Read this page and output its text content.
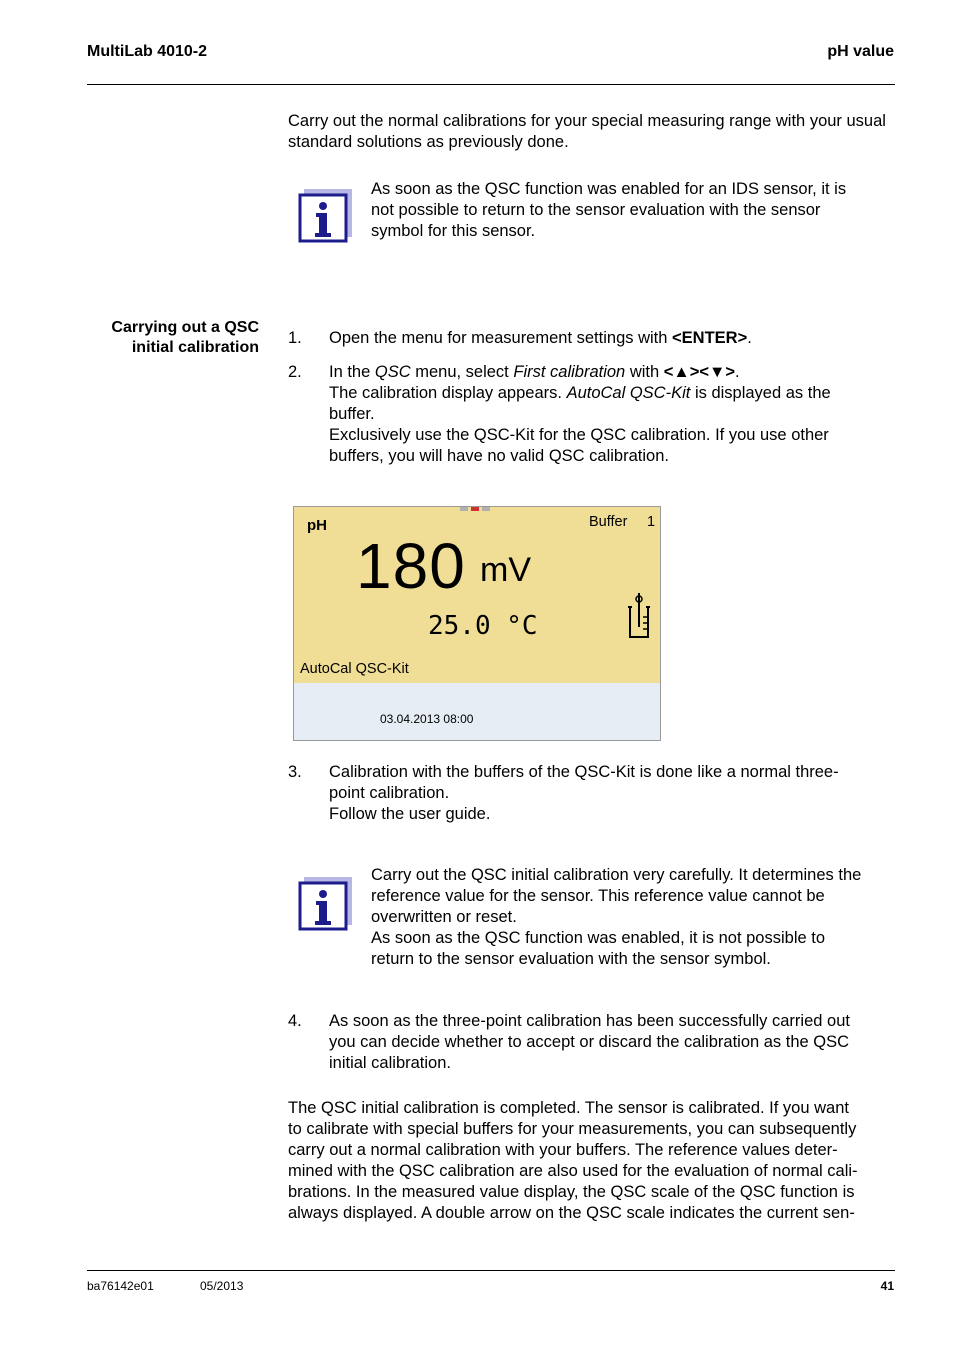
MultiLab 4010-2	pH value
Carry out the normal calibrations for your special measuring range with your usual standard solutions as previously done.
As soon as the QSC function was enabled for an IDS sensor, it is
not possible to return to the sensor evaluation with the sensor
symbol for this sensor.
Carrying out a QSC
initial calibration
1.	Open the menu for measurement settings with <ENTER>.
2.	In the QSC menu, select First calibration with <▲><▼>.
The calibration display appears. AutoCal QSC-Kit is displayed as the
buffer.
Exclusively use the QSC-Kit for the QSC calibration. If you use other
buffers, you will have no valid QSC calibration.
pH	Buffer 1
180 mV
25.0 °C
AutoCal QSC-Kit
03.04.2013 08:00
3.	Calibration with the buffers of the QSC-Kit is done like a normal three-
point calibration.
Follow the user guide.
Carry out the QSC initial calibration very carefully. It determines the
reference value for the sensor. This reference value cannot be
overwritten or reset.
As soon as the QSC function was enabled, it is not possible to
return to the sensor evaluation with the sensor symbol.
4.	As soon as the three-point calibration has been successfully carried out
you can decide whether to accept or discard the calibration as the QSC
initial calibration.
The QSC initial calibration is completed. The sensor is calibrated. If you want
to calibrate with special buffers for your measurements, you can subsequently
carry out a normal calibration with your buffers. The reference values deter-
mined with the QSC calibration are also used for the evaluation of normal cali-
brations. In the measured value display, the QSC scale of the QSC function is
always displayed. A double arrow on the QSC scale indicates the current sen-
ba76142e01	05/2013	41
